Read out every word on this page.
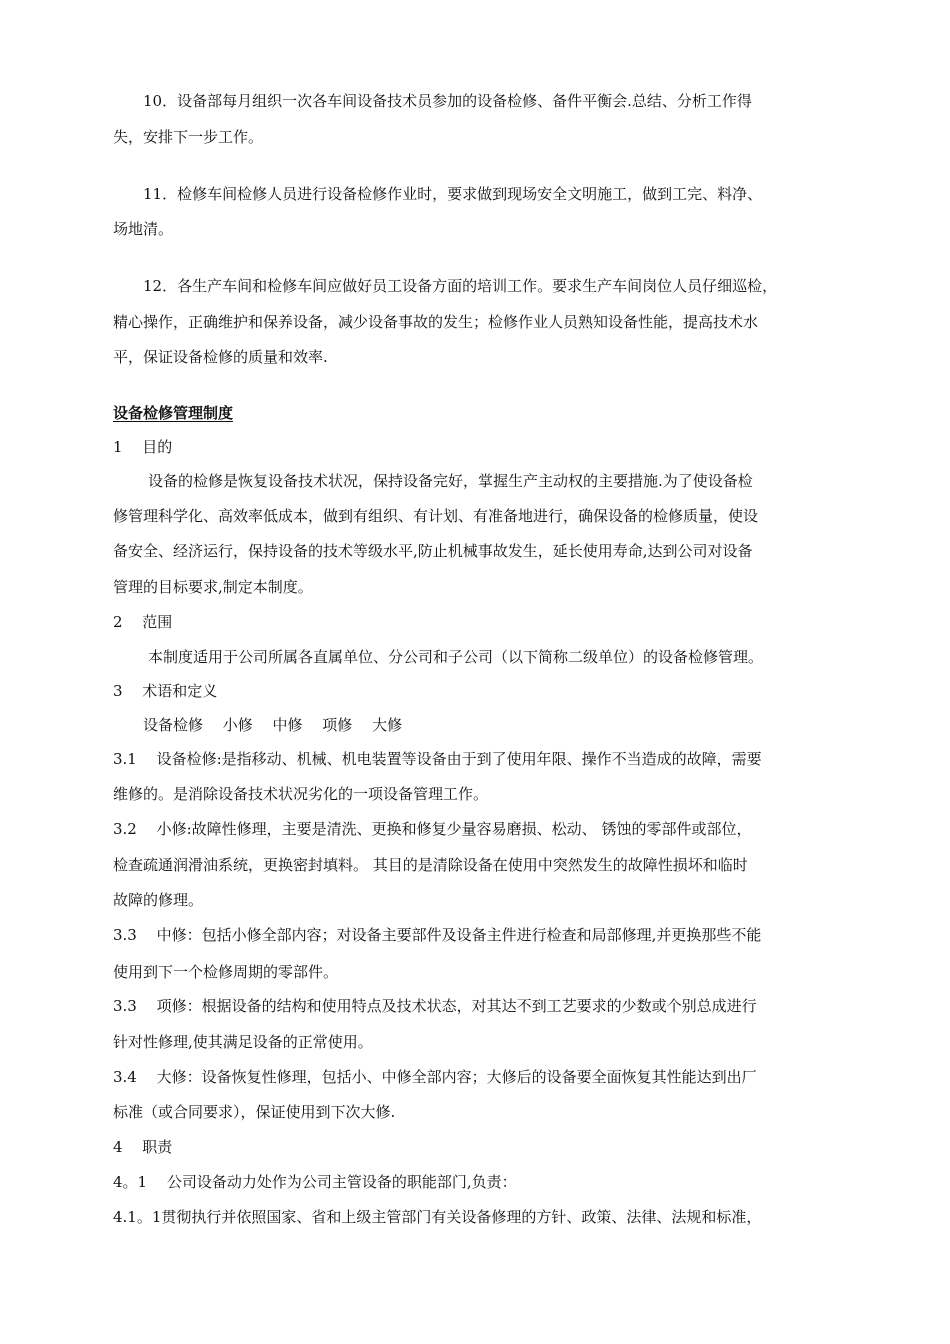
10．设备部每月组织一次各车间设备技术员参加的设备检修、备件平衡会.总结、分析工作得
失，安排下一步工作。
11．检修车间检修人员进行设备检修作业时，要求做到现场安全文明施工，做到工完、料净、
场地清。
12．各生产车间和检修车间应做好员工设备方面的培训工作。要求生产车间岗位人员仔细巡检，
精心操作，正确维护和保养设备，减少设备事故的发生；检修作业人员熟知设备性能，提高技术水
平，保证设备检修的质量和效率.
设备检修管理制度
1　 目的
设备的检修是恢复设备技术状况，保持设备完好，掌握生产主动权的主要措施.为了使设备检
修管理科学化、高效率低成本，做到有组织、有计划、有准备地进行，确保设备的检修质量，使设
备安全、经济运行，保持设备的技术等级水平,防止机械事故发生，延长使用寿命,达到公司对设备
管理的目标要求,制定本制度。
2　 范围
本制度适用于公司所属各直属单位、分公司和子公司（以下简称二级单位）的设备检修管理。
3　 术语和定义
设备检修　 小修　 中修　 项修　 大修
3.1　 设备检修:是指移动、机械、机电装置等设备由于到了使用年限、操作不当造成的故障，需要
维修的。是消除设备技术状况劣化的一项设备管理工作。
3.2　 小修:故障性修理，主要是清洗、更换和修复少量容易磨损、松动、 锈蚀的零部件或部位，
检查疏通润滑油系统，更换密封填料。 其目的是清除设备在使用中突然发生的故障性损坏和临时
故障的修理。
3.3　 中修：包括小修全部内容；对设备主要部件及设备主件进行检查和局部修理,并更换那些不能
使用到下一个检修周期的零部件。
3.3　 项修：根据设备的结构和使用特点及技术状态，对其达不到工艺要求的少数或个别总成进行
针对性修理,使其满足设备的正常使用。
3.4　 大修：设备恢复性修理，包括小、中修全部内容；大修后的设备要全面恢复其性能达到出厂
标准（或合同要求），保证使用到下次大修.
4　 职责
4。1　 公司设备动力处作为公司主管设备的职能部门,负责：
4.1。1贯彻执行并依照国家、省和上级主管部门有关设备修理的方针、政策、法律、法规和标准，
